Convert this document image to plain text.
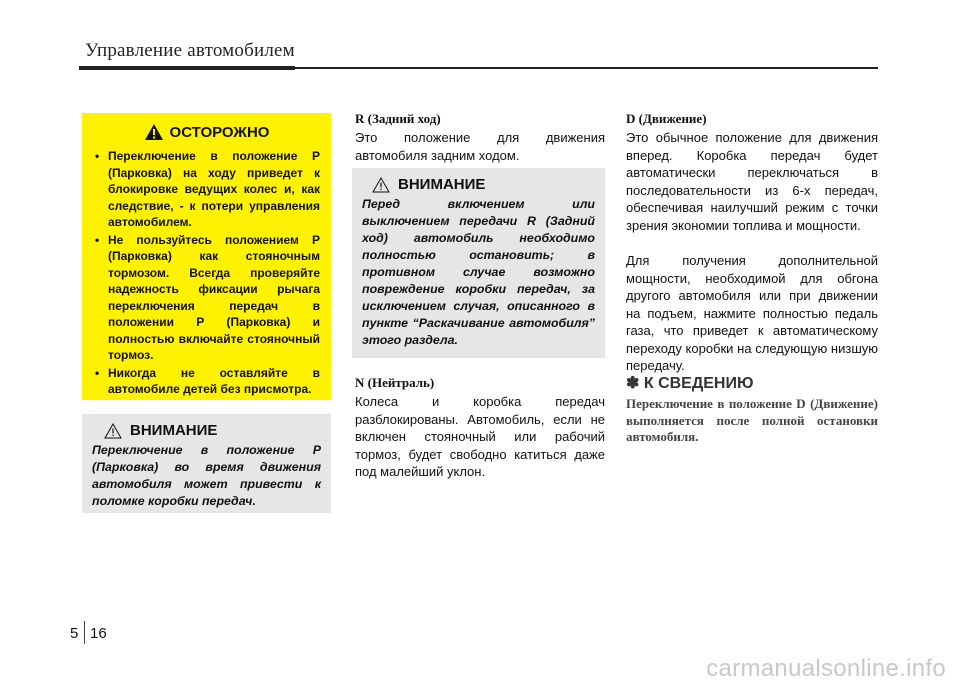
Управление автомобилем
ОСТОРОЖНО
• Переключение в положение Р (Парковка) на ходу приведет к блокировке ведущих колес и, как следствие, - к потери управления автомобилем.
• Не пользуйтесь положением Р (Парковка) как стояночным тормозом. Всегда проверяйте надежность фиксации рычага переключения передач в положении Р (Парковка) и полностью включайте стояночный тормоз.
• Никогда не оставляйте в автомобиле детей без присмотра.
ВНИМАНИЕ

Переключение в положение Р (Парковка) во время движения автомобиля может привести к поломке коробки передач.

R (Задний ход)

Это положение для движения автомобиля задним ходом.

ВНИМАНИЕ

Перед включением или выключением передачи R (Задний ход) автомобиль необходимо полностью остановить; в противном случае возможно повреждение коробки передач, за исключением случая, описанного в пункте “Раскачивание автомобиля” этого раздела.

N (Нейтраль)

Колеса и коробка передач разблокированы. Автомобиль, если не включен стояночный или рабочий тормоз, будет свободно катиться даже под малейший уклон.

D (Движение)

Это обычное положение для движения вперед. Коробка передач будет автоматически переключаться в последовательности из 6-х передач, обеспечивая наилучший режим с точки зрения экономии топлива и мощности.

Для получения дополнительной мощности, необходимой для обгона другого автомобиля или при движении на подъем, нажмите полностью педаль газа, что приведет к автоматическому переходу коробки на следующую низшую передачу.

✽ К СВЕДЕНИЮ
Переключение в положение D (Движение) выполняется после полной остановки автомобиля.
5 16
carmanualsonline.info
